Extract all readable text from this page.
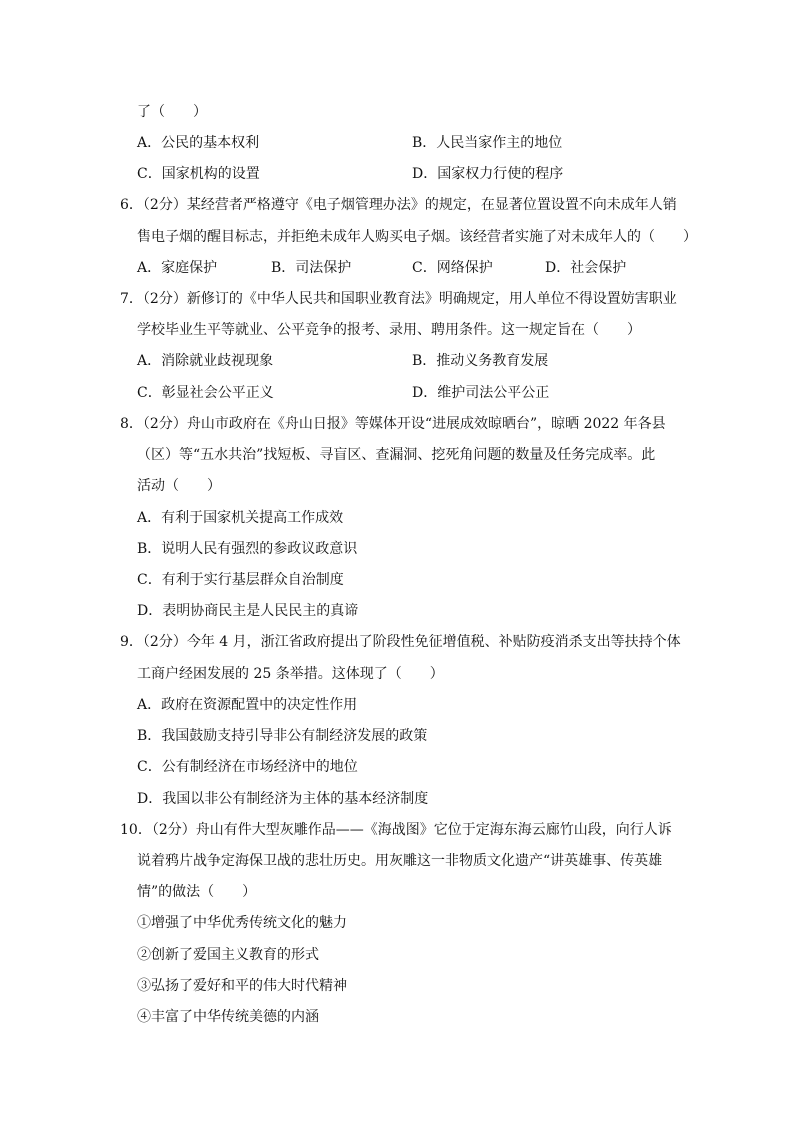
了（　　）
A．公民的基本权利	B．人民当家作主的地位
C．国家机构的设置	D．国家权力行使的程序
6．（2分）某经营者严格遵守《电子烟管理办法》的规定，在显著位置设置不向未成年人销
售电子烟的醒目标志，并拒绝未成年人购买电子烟。该经营者实施了对未成年人的（　　）
A．家庭保护	B．司法保护	C．网络保护	D．社会保护
7．（2分）新修订的《中华人民共和国职业教育法》明确规定，用人单位不得设置妨害职业
学校毕业生平等就业、公平竞争的报考、录用、聘用条件。这一规定旨在（　　）
A．消除就业歧视现象	B．推动义务教育发展
C．彰显社会公平正义	D．维护司法公平公正
8．（2分）舟山市政府在《舟山日报》等媒体开设“进展成效晾晒台”，晾晒 2022 年各县
（区）等“五水共治”找短板、寻盲区、查漏洞、挖死角问题的数量及任务完成率。此
活动（　　）
A．有利于国家机关提高工作成效
B．说明人民有强烈的参政议政意识
C．有利于实行基层群众自治制度
D．表明协商民主是人民民主的真谛
9．（2分）今年 4 月，浙江省政府提出了阶段性免征增值税、补贴防疫消杀支出等扶持个体
工商户经困发展的 25 条举措。这体现了（　　）
A．政府在资源配置中的决定性作用
B．我国鼓励支持引导非公有制经济发展的政策
C．公有制经济在市场经济中的地位
D．我国以非公有制经济为主体的基本经济制度
10．（2分）舟山有件大型灰雕作品——《海战图》它位于定海东海云廊竹山段，向行人诉
说着鸦片战争定海保卫战的悲壮历史。用灰雕这一非物质文化遗产“讲英雄事、传英雄
情”的做法（　　）
①增强了中华优秀传统文化的魅力
②创新了爱国主义教育的形式
③弘扬了爱好和平的伟大时代精神
④丰富了中华传统美德的内涵
